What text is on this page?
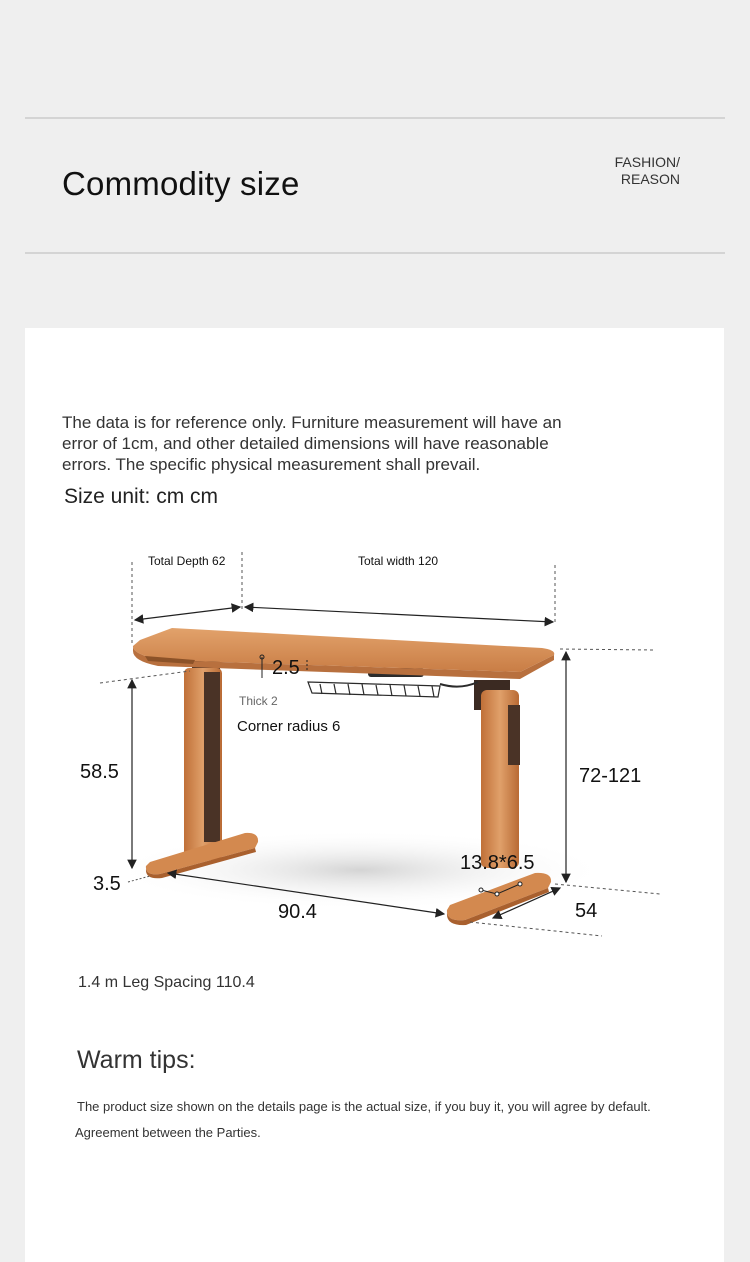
Commodity size
FASHION/
REASON
The data is for reference only. Furniture measurement will have an error of 1cm, and other detailed dimensions will have reasonable errors. The specific physical measurement shall prevail.
Size unit: cm cm
Total Depth 62	Total width 120
2.5
Thick 2
Corner radius 6
58.5	72-121
3.5
90.4	54
13.8*6.5
1.4 m Leg Spacing 110.4
Warm tips:
The product size shown on the details page is the actual size, if you buy it, you will agree by default.
Agreement between the Parties.
